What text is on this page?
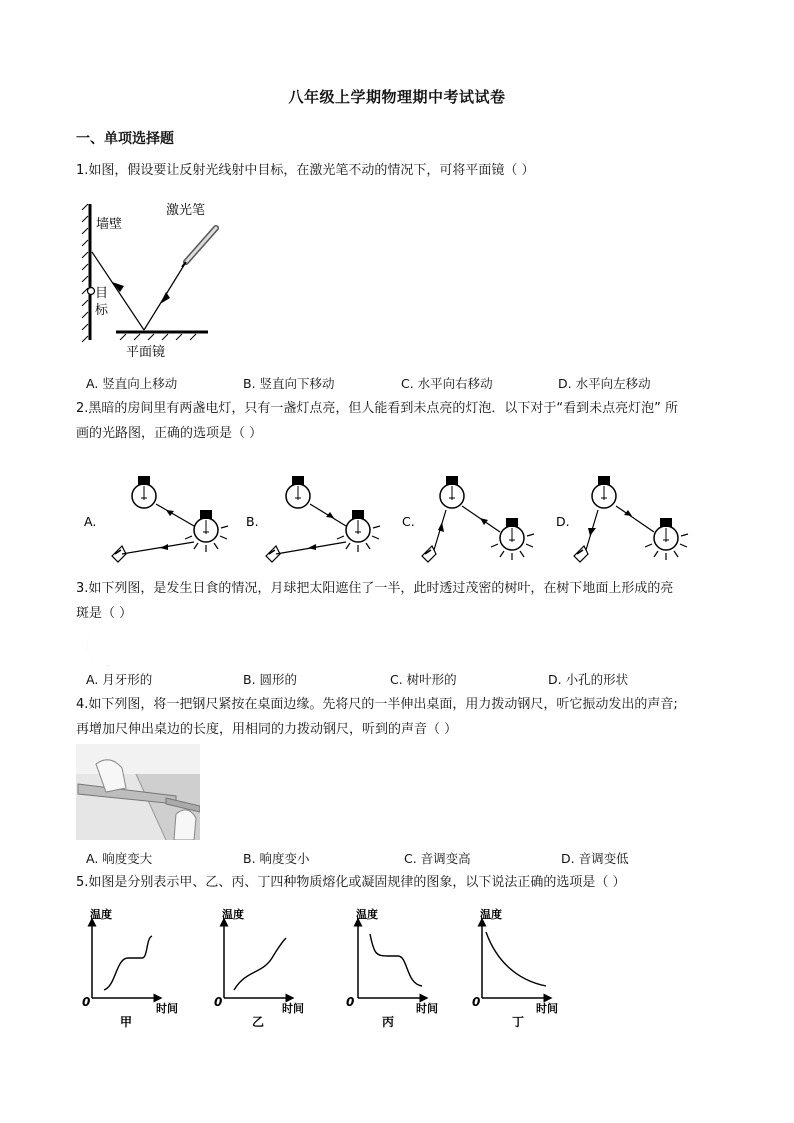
八年级上学期物理期中考试试卷
一、单项选择题
1.如图，假设要让反射光线射中目标，在激光笔不动的情况下，可将平面镜（ ）
墙壁
激光笔
目
标
平面镜
A. 竖直向上移动	B. 竖直向下移动	C. 水平向右移动	D. 水平向左移动
2.黑暗的房间里有两盏电灯，只有一盏灯点亮，但人能看到未点亮的灯泡．以下对于“看到未点亮灯泡” 所
画的光路图，正确的选项是（ ）
A.	B.	C.	D.
3.如下列图，是发生日食的情况，月球把太阳遮住了一半，此时透过茂密的树叶，在树下地面上形成的亮
斑是（ ）
A. 月牙形的	B. 圆形的	C. 树叶形的	D. 小孔的形状
4.如下列图，将一把钢尺紧按在桌面边缘。先将尺的一半伸出桌面，用力拨动钢尺，听它振动发出的声音;
再增加尺伸出桌边的长度，用相同的力拨动钢尺，听到的声音（ ）
A. 响度变大	B. 响度变小	C. 音调变高	D. 音调变低
5.如图是分别表示甲、乙、丙、丁四种物质熔化或凝固规律的图象，以下说法正确的选项是（ ）
温度
时间
0
甲
温度
时间
0
乙
温度
时间
0
丙
温度
时间
0
丁
